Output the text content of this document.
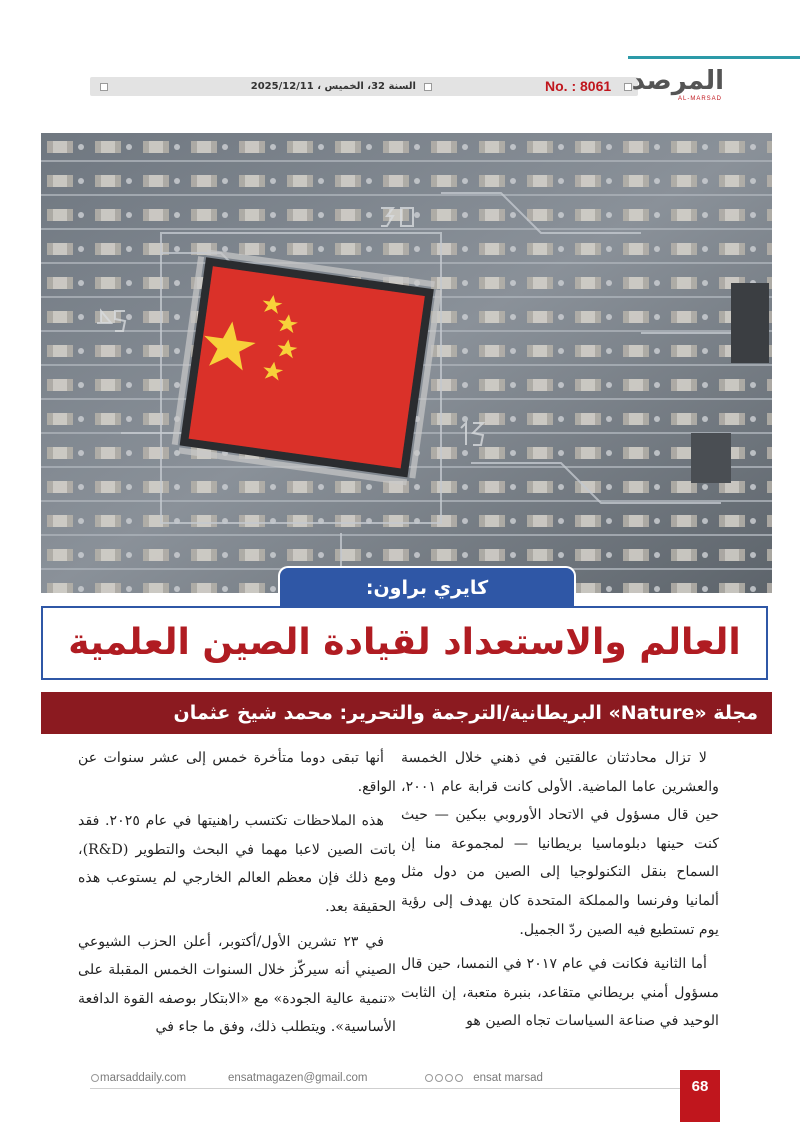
السنة 32، الخميس ، 2025/12/11	No. : 8061 المرصد
AL-MARSAD
كايري براون:
العالم والاستعداد لقيادة الصين العلمية
مجلة «Nature» البريطانية/الترجمة والتحرير: محمد شيخ عثمان

لا تزال محادثتان عالقتين في ذهني خلال الخمسة والعشرين عاما الماضية. الأولى كانت قرابة عام ٢٠٠١، حين قال مسؤول في الاتحاد الأوروبي ببكين — حيث كنت حينها دبلوماسيا بريطانيا — لمجموعة منا إن السماح بنقل التكنولوجيا إلى الصين من دول مثل ألمانيا وفرنسا والمملكة المتحدة كان يهدف إلى رؤية يوم تستطيع فيه الصين ردّ الجميل.

أما الثانية فكانت في عام ٢٠١٧ في النمسا، حين قال مسؤول أمني بريطاني متقاعد، بنبرة متعبة، إن الثابت الوحيد في صناعة السياسات تجاه الصين هو

أنها تبقى دوما متأخرة خمس إلى عشر سنوات عن الواقع.

هذه الملاحظات تكتسب راهنيتها في عام ٢٠٢٥. فقد باتت الصين لاعبا مهما في البحث والتطوير (R&D)، ومع ذلك فإن معظم العالم الخارجي لم يستوعب هذه الحقيقة بعد.

في ٢٣ تشرين الأول/أكتوبر، أعلن الحزب الشيوعي الصيني أنه سيركّز خلال السنوات الخمس المقبلة على «تنمية عالية الجودة» مع «الابتكار بوصفه القوة الدافعة الأساسية». ويتطلب ذلك، وفق ما جاء في

marsaddaily.com	ensatmagazen@gmail.com	ensat marsad	68
